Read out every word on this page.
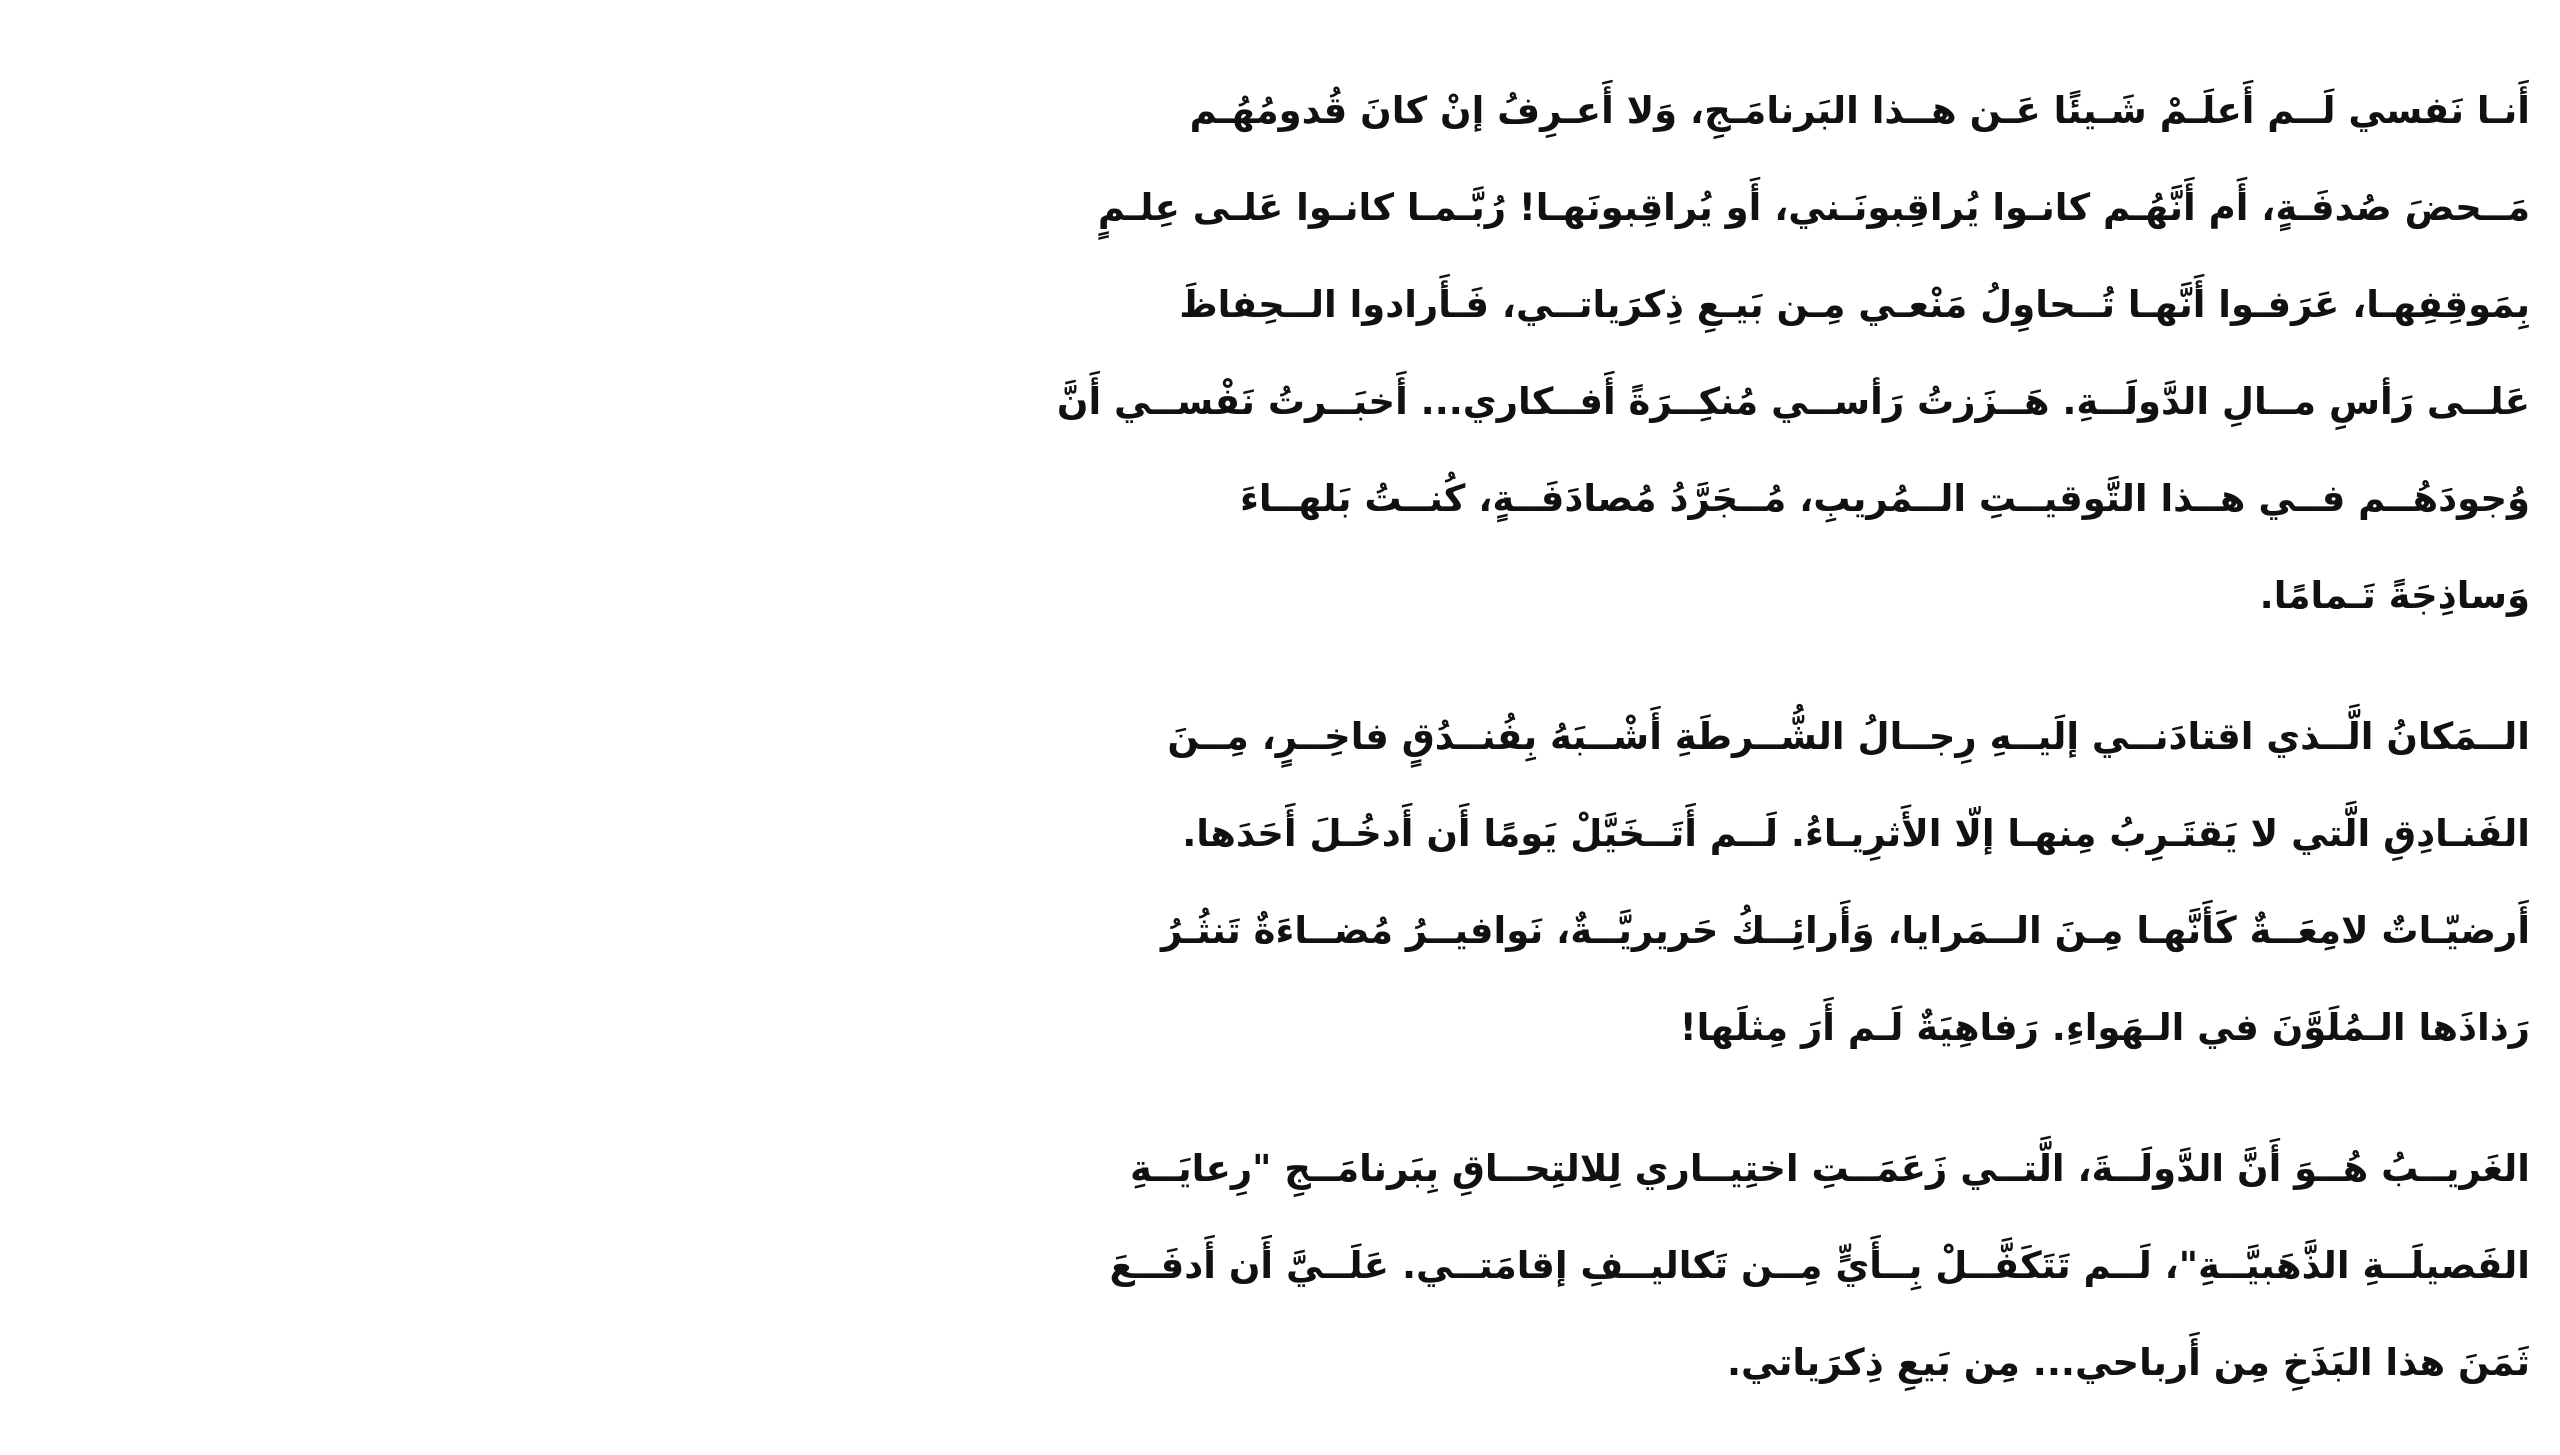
أَنـا نَفسي لَــم أَعلَـمْ شَـيئًا عَـن هــذا البَرنامَـجِ، وَلا أَعـرِفُ إنْ كانَ قُدومُهُـم
مَــحضَ صُدفَـةٍ، أَم أَنَّهُـم كانـوا يُراقِبونَـني، أَو يُراقِبونَهـا! رُبَّـمـا كانـوا عَلـى عِلـمٍ
بِمَوقِفِهـا، عَرَفـوا أَنَّهـا تُــحاوِلُ مَنْعـي مِـن بَيـعِ ذِكرَياتــي، فَـأَرادوا الــحِفاظَ
عَلــى رَأسِ مــالِ الدَّولَــةِ. هَــزَزتُ رَأســي مُنكِــرَةً أَفــكاري... أَخبَــرتُ نَفْســي أَنَّ
وُجودَهُــم فــي هــذا التَّوقيــتِ الــمُريبِ، مُــجَرَّدُ مُصادَفَــةٍ، كُنــتُ بَلهــاءَ
وَساذِجَةً تَـمامًا.
الــمَكانُ الَّــذي اقتادَنــي إلَيــهِ رِجــالُ الشُّــرطَةِ أَشْــبَهُ بِفُنــدُقٍ فاخِــرٍ، مِــنَ
الفَنـادِقِ الَّتي لا يَقتَـرِبُ مِنهـا إلّا الأَثرِيـاءُ. لَــم أَتَــخَيَّلْ يَومًا أَن أَدخُـلَ أَحَدَها.
أَرضيّـاتٌ لامِعَــةٌ كَأَنَّهـا مِـنَ الــمَرايا، وَأَرائِــكُ حَريريَّــةٌ، نَوافيــرُ مُضــاءَةٌ تَنثُـرُ
رَذاذَها الـمُلَوَّنَ في الـهَواءِ. رَفاهِيَةٌ لَـم أَرَ مِثلَها!
الغَريــبُ هُــوَ أَنَّ الدَّولَــةَ، الَّتــي زَعَمَــتِ اختِيــاري لِلالتِحــاقِ بِبَرنامَــجِ "رِعايَــةِ
الفَصيلَــةِ الذَّهَبيَّــةِ"، لَــم تَتَكَفَّــلْ بِــأَيٍّ مِــن تَكاليــفِ إقامَتــي. عَلَــيَّ أَن أَدفَــعَ
ثَمَنَ هذا البَذَخِ مِن أَرباحي... مِن بَيعِ ذِكرَياتي.
